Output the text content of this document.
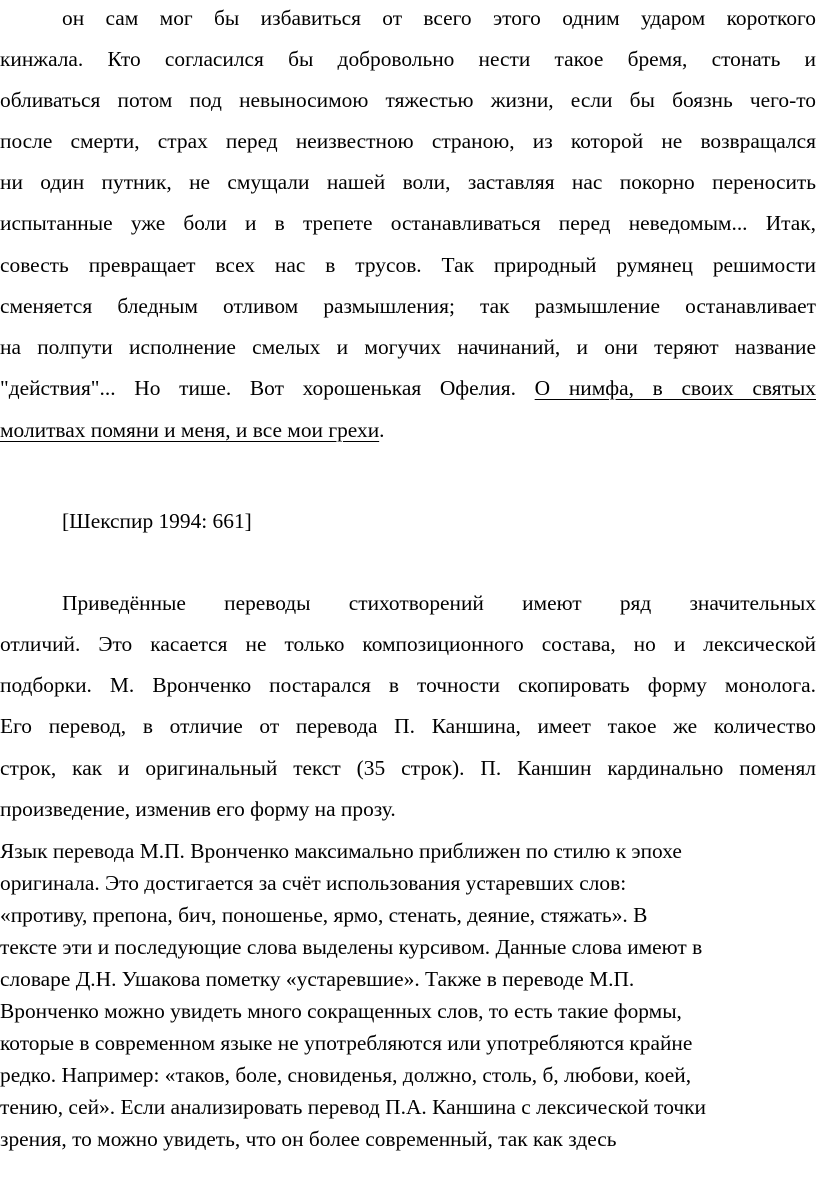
он сам мог бы избавиться от всего этого одним ударом короткого
кинжала. Кто согласился бы добровольно нести такое бремя, стонать и
обливаться потом под невыносимою тяжестью жизни, если бы боязнь чего-то
после смерти, страх перед неизвестною страною, из которой не возвращался
ни один путник, не смущали нашей воли, заставляя нас покорно переносить
испытанные уже боли и в трепете останавливаться перед неведомым... Итак,
совесть превращает всех нас в трусов. Так природный румянец решимости
сменяется бледным отливом размышления; так размышление останавливает
на полпути исполнение смелых и могучих начинаний, и они теряют название
"действия"... Но тише. Вот хорошенькая Офелия. О нимфа, в своих святых
молитвах помяни и меня, и все мои грехи.
[Шекспир 1994: 661]
Приведённые переводы стихотворений имеют ряд значительных
отличий. Это касается не только композиционного состава, но и лексической
подборки. М. Вронченко постарался в точности скопировать форму монолога.
Его перевод, в отличие от перевода П. Каншина, имеет такое же количество
строк, как и оригинальный текст (35 строк). П. Каншин кардинально поменял
произведение, изменив его форму на прозу.
Язык перевода М.П. Вронченко максимально приближен по стилю к эпохе
оригинала. Это достигается за счёт использования устаревших слов:
«противу, препона, бич, поношенье, ярмо, стенать, деяние, стяжать». В
тексте эти и последующие слова выделены курсивом. Данные слова имеют в
словаре Д.Н. Ушакова пометку «устаревшие». Также в переводе М.П.
Вронченко можно увидеть много сокращенных слов, то есть такие формы,
которые в современном языке не употребляются или употребляются крайне
редко. Например: «таков, боле, сновиденья, должно, столь, б, любови, коей,
тению, сей». Если анализировать перевод П.А. Каншина с лексической точки
зрения, то можно увидеть, что он более современный, так как здесь
